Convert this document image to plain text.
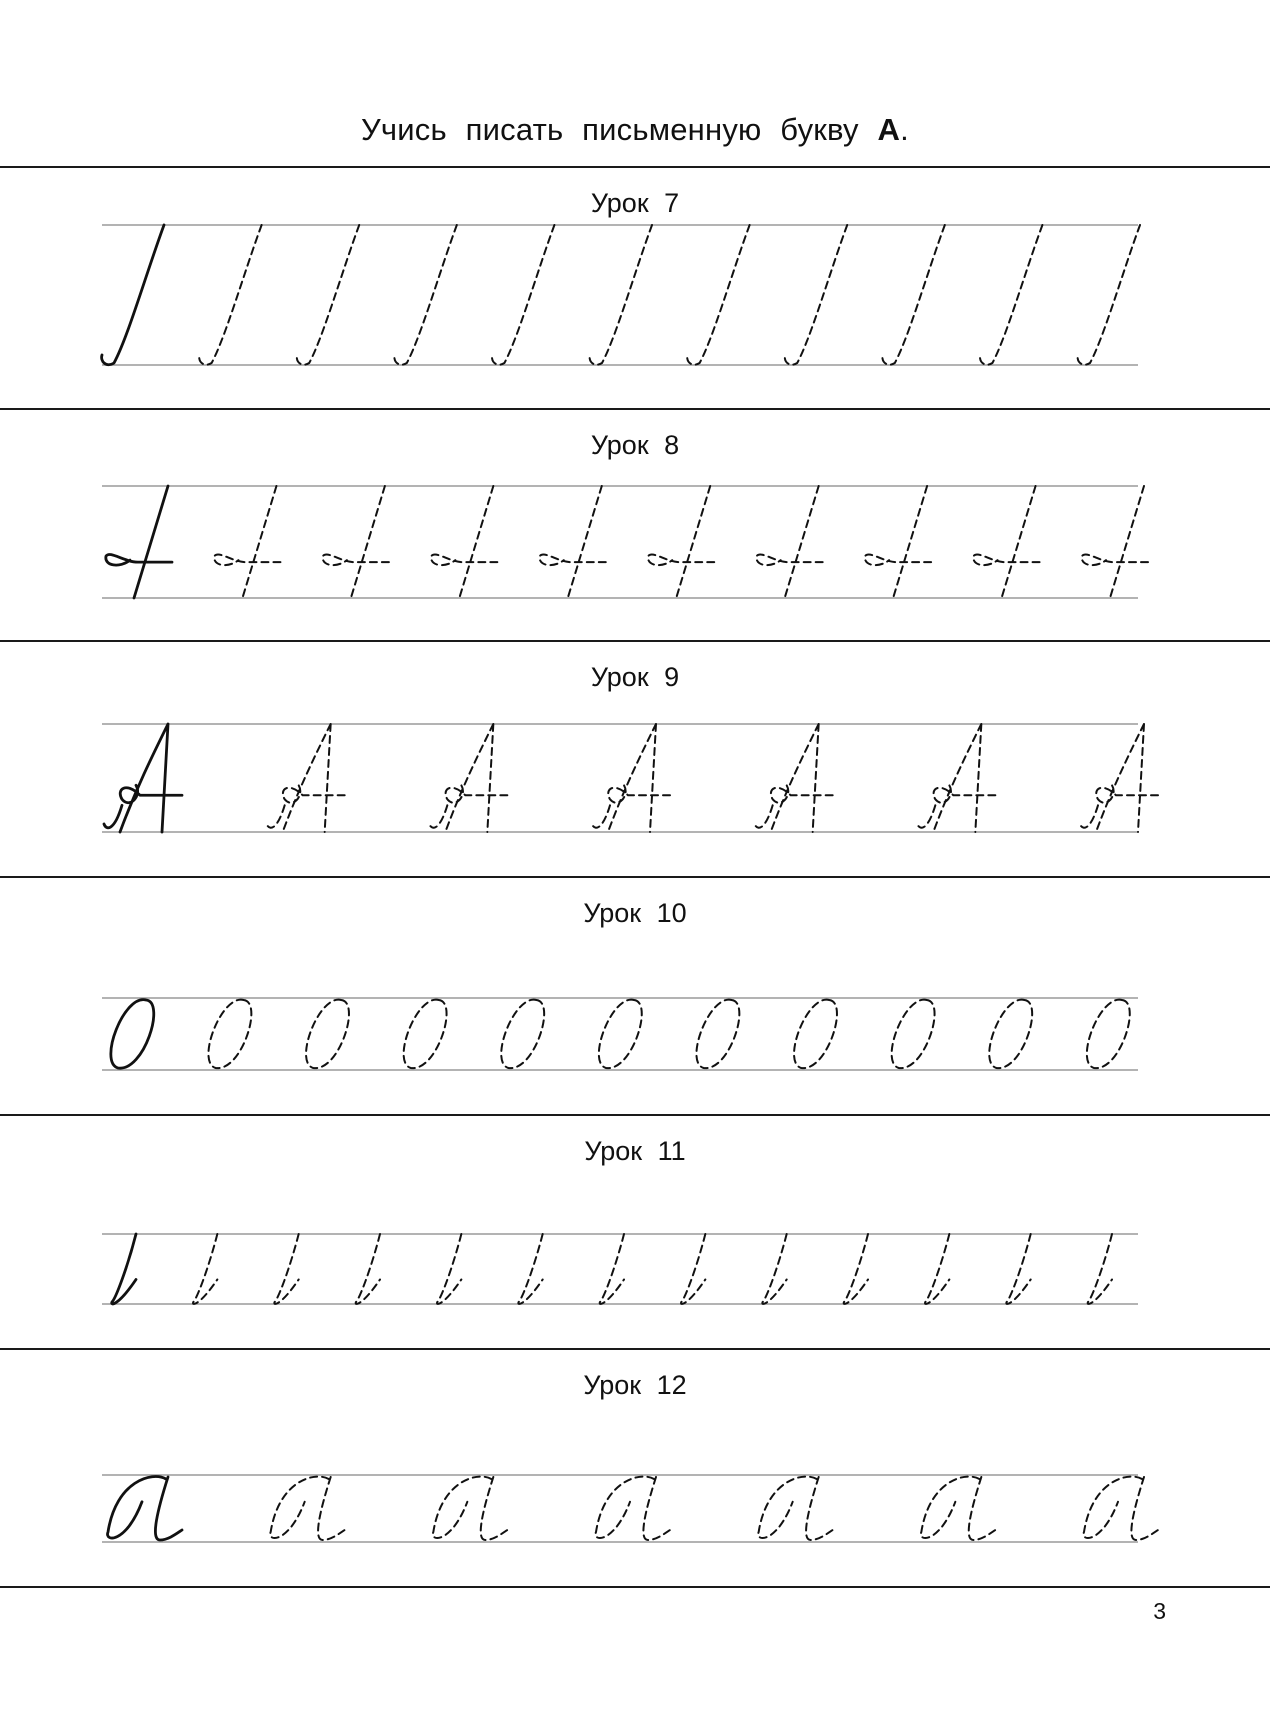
Учись писать письменную букву А.
Урок 7
Урок 8
Урок 9
Урок 10
Урок 11
Урок 12
3
